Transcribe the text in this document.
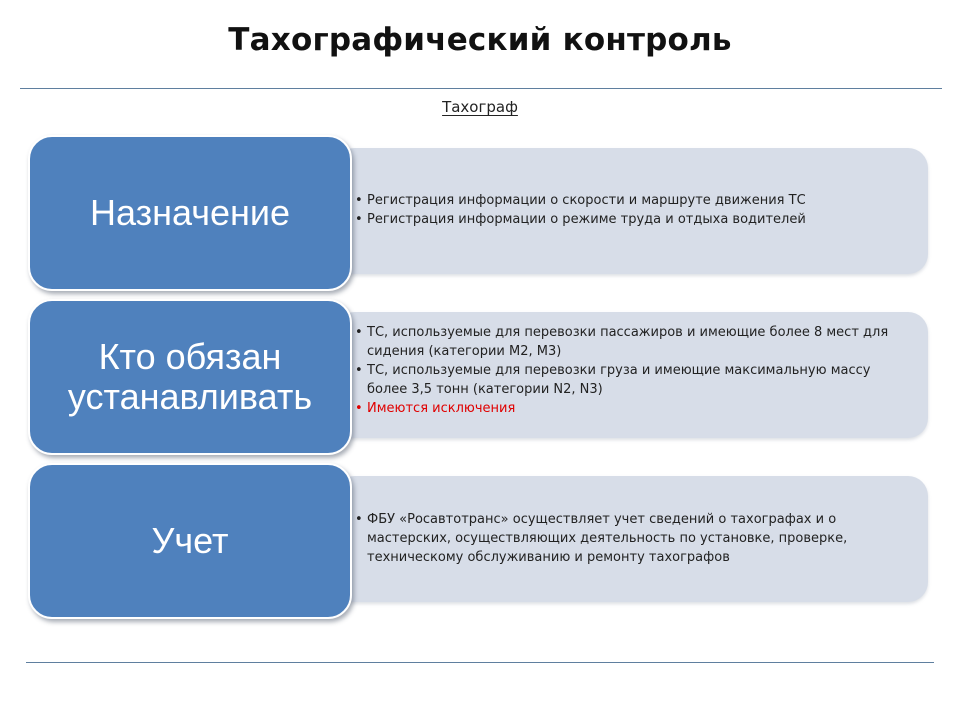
Тахографический контроль
Тахограф
Назначение
•	Регистрация информации о скорости и маршруте движения ТС
• Регистрация информации о режиме труда и отдыха водителей
Кто обязан
устанавливать
• ТС, используемые для перевозки пассажиров и имеющие более 8 мест для сидения (категории М2, М3)
• ТС, используемые для перевозки груза и имеющие максимальную массу более 3,5 тонн (категории N2, N3)
• Имеются исключения
Учет
• ФБУ «Росавтотранс» осуществляет учет сведений о тахографах и о мастерских, осуществляющих деятельность по установке, проверке, техническому обслуживанию и ремонту тахографов
